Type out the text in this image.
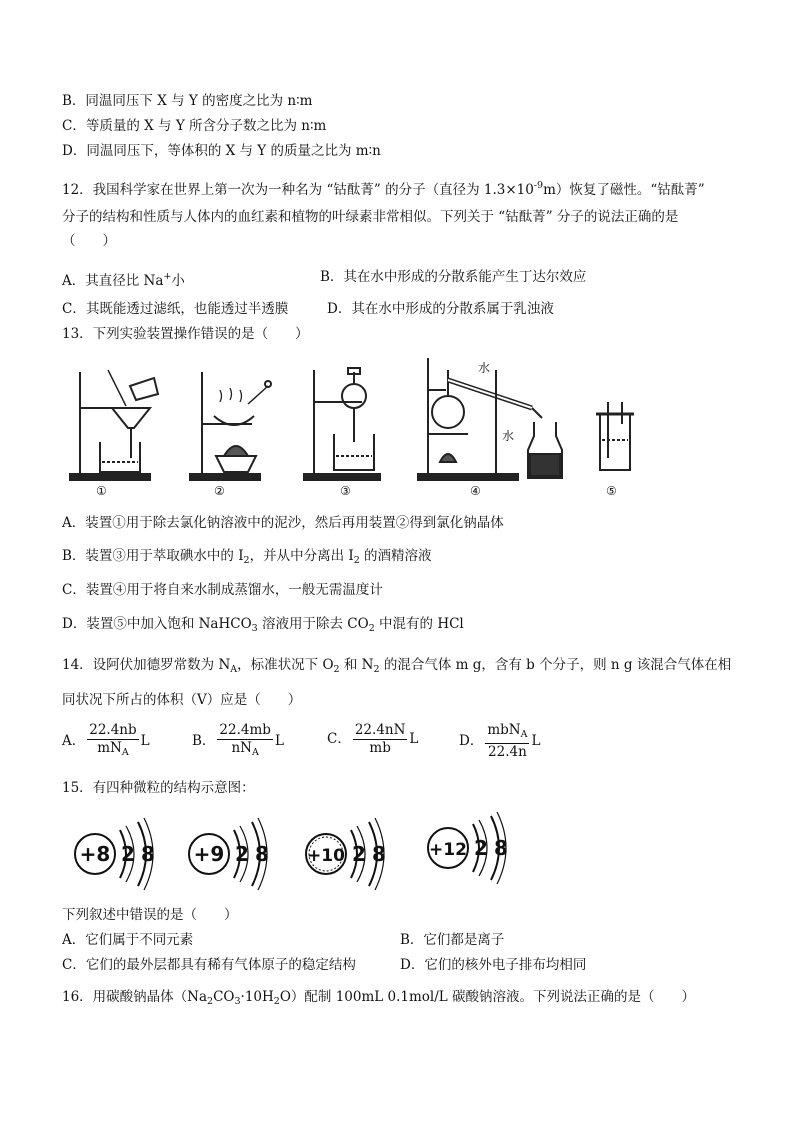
B．同温同压下 X 与 Y 的密度之比为 n∶m
C．等质量的 X 与 Y 所含分子数之比为 n∶m
D．同温同压下，等体积的 X 与 Y 的质量之比为 m∶n
12．我国科学家在世界上第一次为一种名为 “钴酞菁” 的分子（直径为 $1.3\times 10^{-9}m$）恢复了磁性。“钴酞菁”
分子的结构和性质与人体内的血红素和植物的叶绿素非常相似。下列关于 “钴酞菁” 分子的说法正确的是
（　　）
A．其直径比 Na+小	B．其在水中形成的分散系能产生丁达尔效应
C．其既能透过滤纸，也能透过半透膜	D．其在水中形成的分散系属于乳浊液
13．下列实验装置操作错误的是（　　）
①	②	③	④	⑤
水
水
A．装置①用于除去氯化钠溶液中的泥沙，然后再用装置②得到氯化钠晶体
B．装置③用于萃取碘水中的 $I_2$，并从中分离出 $I_2$ 的酒精溶液
C．装置④用于将自来水制成蒸馏水，一般无需温度计
D．装置⑤中加入饱和 NaHCO$_3$ 溶液用于除去 $CO_2$ 中混有的 HCl
14．设阿伏加德罗常数为 $N_A$，标准状况下 $O_2$ 和 $N_2$ 的混合气体 m g，含有 b 个分子，则 n g 该混合气体在相
同状况下所占的体积（V）应是（　　）
A． $\frac{22.4nb}{mN_A}$ L	B． $\frac{22.4mb}{nN_A}$ L	C． $\frac{22.4nN}{mb}$ L	D． $\frac{mbN_A}{22.4n}$ L
15．有四种微粒的结构示意图：
+8 2 8 +9 2 8 +10 2 8	+12 2 8
下列叙述中错误的是（　　）
A．它们属于不同元素	B．它们都是离子
C．它们的最外层都具有稀有气体原子的稳定结构	D．它们的核外电子排布均相同
16．用碳酸钠晶体$(Na_2CO_3\cdot 10H_2O)$配制 100mL 0.1mol/L 碳酸钠溶液。下列说法正确的是（　　）
